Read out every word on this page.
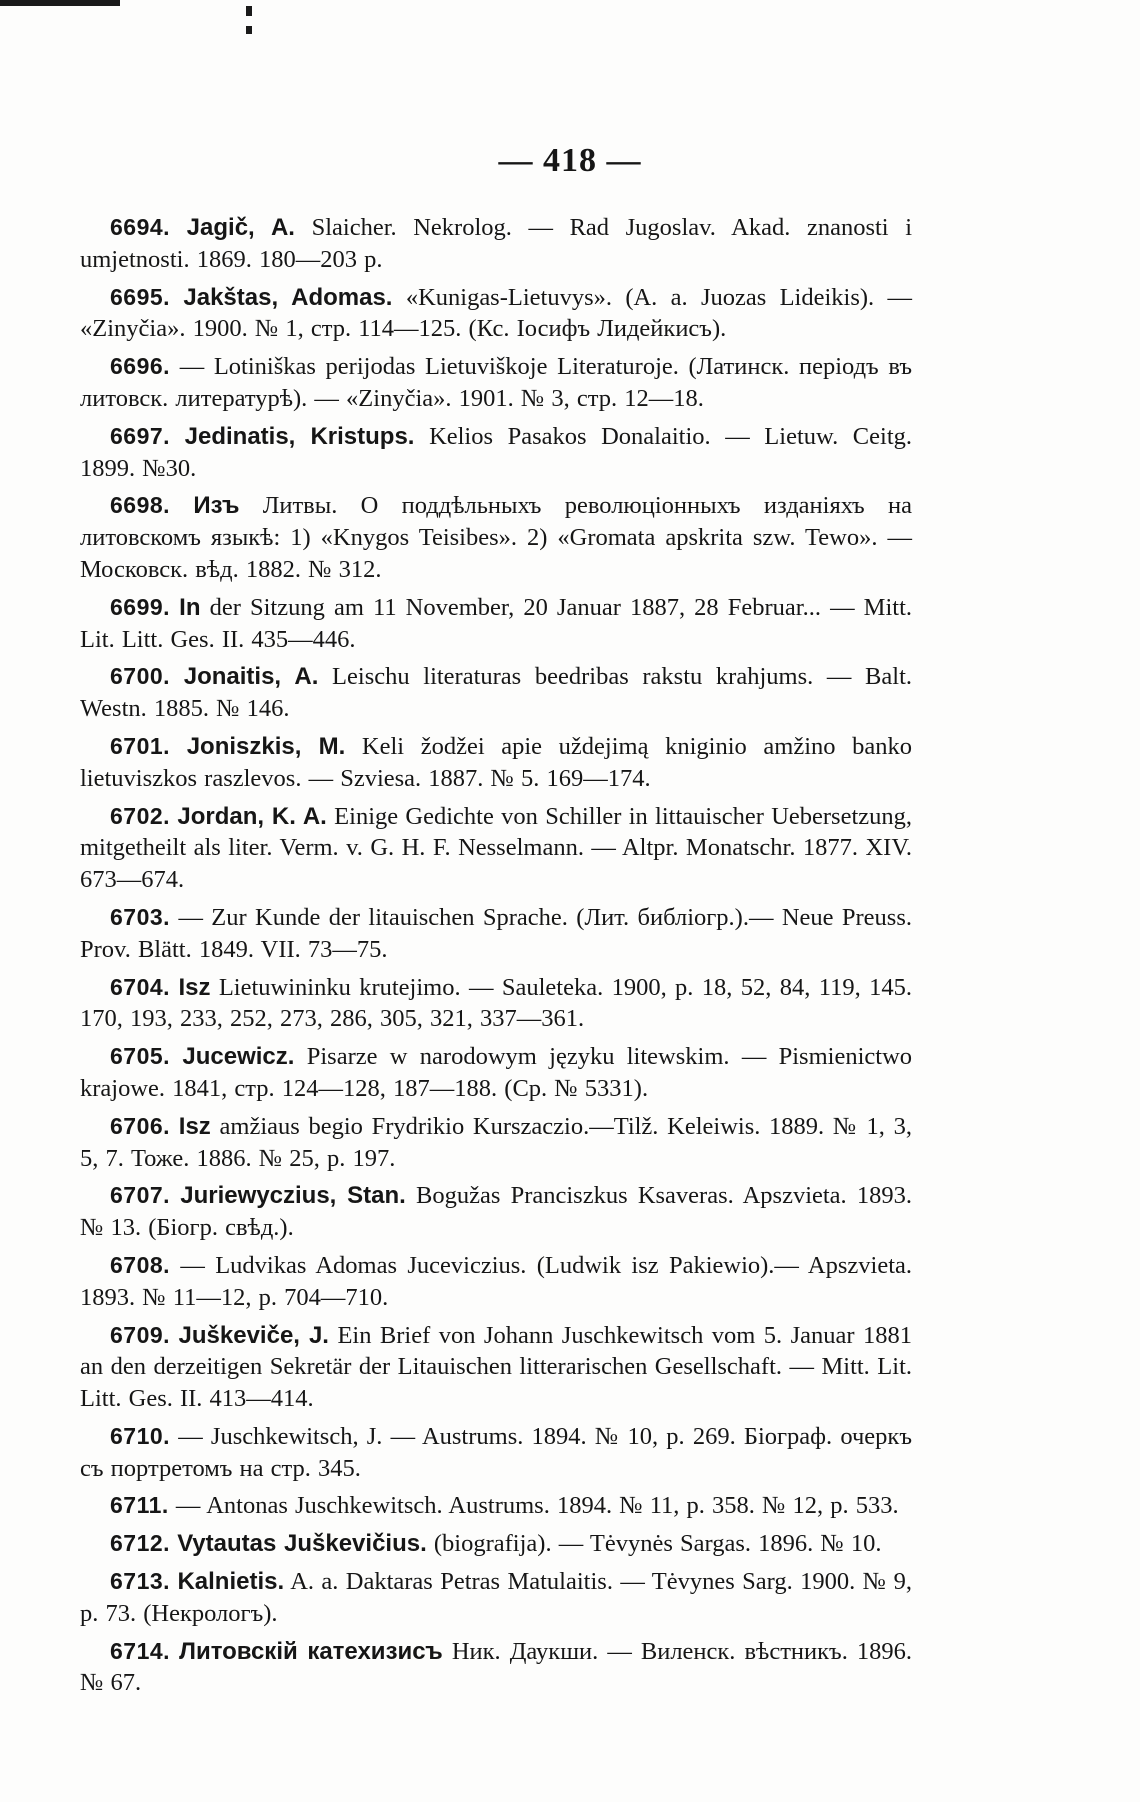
— 418 —

6694. Jagič, A. Slaicher. Nekrolog. — Rad Jugoslav. Akad. znanosti i umjetnosti. 1869. 180—203 p.

6695. Jakštas, Adomas. «Kunigas-Lietuvys». (A. a. Juozas Lideikis). — «Zinyčia». 1900. № 1, стр. 114—125. (Кс. Іосифъ Лидейкисъ).

6696. — Lotiniškas perijodas Lietuviškoje Literaturoje. (Латинск. періодъ въ литовск. литературѣ). — «Zinyčia». 1901. № 3, стр. 12—18.

6697. Jedinatis, Kristups. Kelios Pasakos Donalaitio. — Lietuw. Ceitg. 1899. №30.

6698. Изъ Литвы. О поддѣльныхъ революціонныхъ изданіяхъ на литовскомъ языкѣ: 1) «Knygos Teisibes». 2) «Gromata apskrita szw. Tewo». — Московск. вѣд. 1882. № 312.

6699. In der Sitzung am 11 November, 20 Januar 1887, 28 Februar... — Mitt. Lit. Litt. Ges. II. 435—446.

6700. Jonaitis, A. Leischu literaturas beedribas rakstu krahjums. — Balt. Westn. 1885. № 146.

6701. Joniszkis, M. Keli žodžei apie uždejimą kniginio amžino banko lietuviszkos raszlevos. — Szviesa. 1887. № 5. 169—174.

6702. Jordan, K. A. Einige Gedichte von Schiller in littauischer Uebersetzung, mitgetheilt als liter. Verm. v. G. H. F. Nesselmann. — Altpr. Monatschr. 1877. XIV. 673—674.

6703. — Zur Kunde der litauischen Sprache. (Лит. библіогр.).— Neue Preuss. Prov. Blätt. 1849. VII. 73—75.

6704. Isz Lietuwininku krutejimo. — Sauleteka. 1900, p. 18, 52, 84, 119, 145. 170, 193, 233, 252, 273, 286, 305, 321, 337—361.

6705. Jucewicz. Pisarze w narodowym języku litewskim. — Pismienictwo krajowe. 1841, стр. 124—128, 187—188. (Ср. № 5331).

6706. Isz amžiaus begio Frydrikio Kurszaczio.—Tilž. Keleiwis. 1889. № 1, 3, 5, 7. Тоже. 1886. № 25, p. 197.

6707. Juriewyczius, Stan. Bogužas Pranciszkus Ksaveras. Apszvieta. 1893. № 13. (Біогр. свѣд.).

6708. — Ludvikas Adomas Juceviczius. (Ludwik isz Pakiewio).— Apszvieta. 1893. № 11—12, p. 704—710.

6709. Juškeviče, J. Ein Brief von Johann Juschkewitsch vom 5. Januar 1881 an den derzeitigen Sekretär der Litauischen litterarischen Gesellschaft. — Mitt. Lit. Litt. Ges. II. 413—414.

6710. — Juschkewitsch, J. — Austrums. 1894. № 10, p. 269. Біограф. очеркъ съ портретомъ на стр. 345.

6711. — Antonas Juschkewitsch. Austrums. 1894. № 11, p. 358. № 12, p. 533.

6712. Vytautas Juškevičius. (biografija). — Tėvynės Sargas. 1896. № 10.

6713. Kalnietis. A. a. Daktaras Petras Matulaitis. — Tėvynes Sarg. 1900. № 9, p. 73. (Некрологъ).

6714. Литовскій катехизисъ Ник. Даукши. — Виленск. вѣстникъ. 1896. № 67.
